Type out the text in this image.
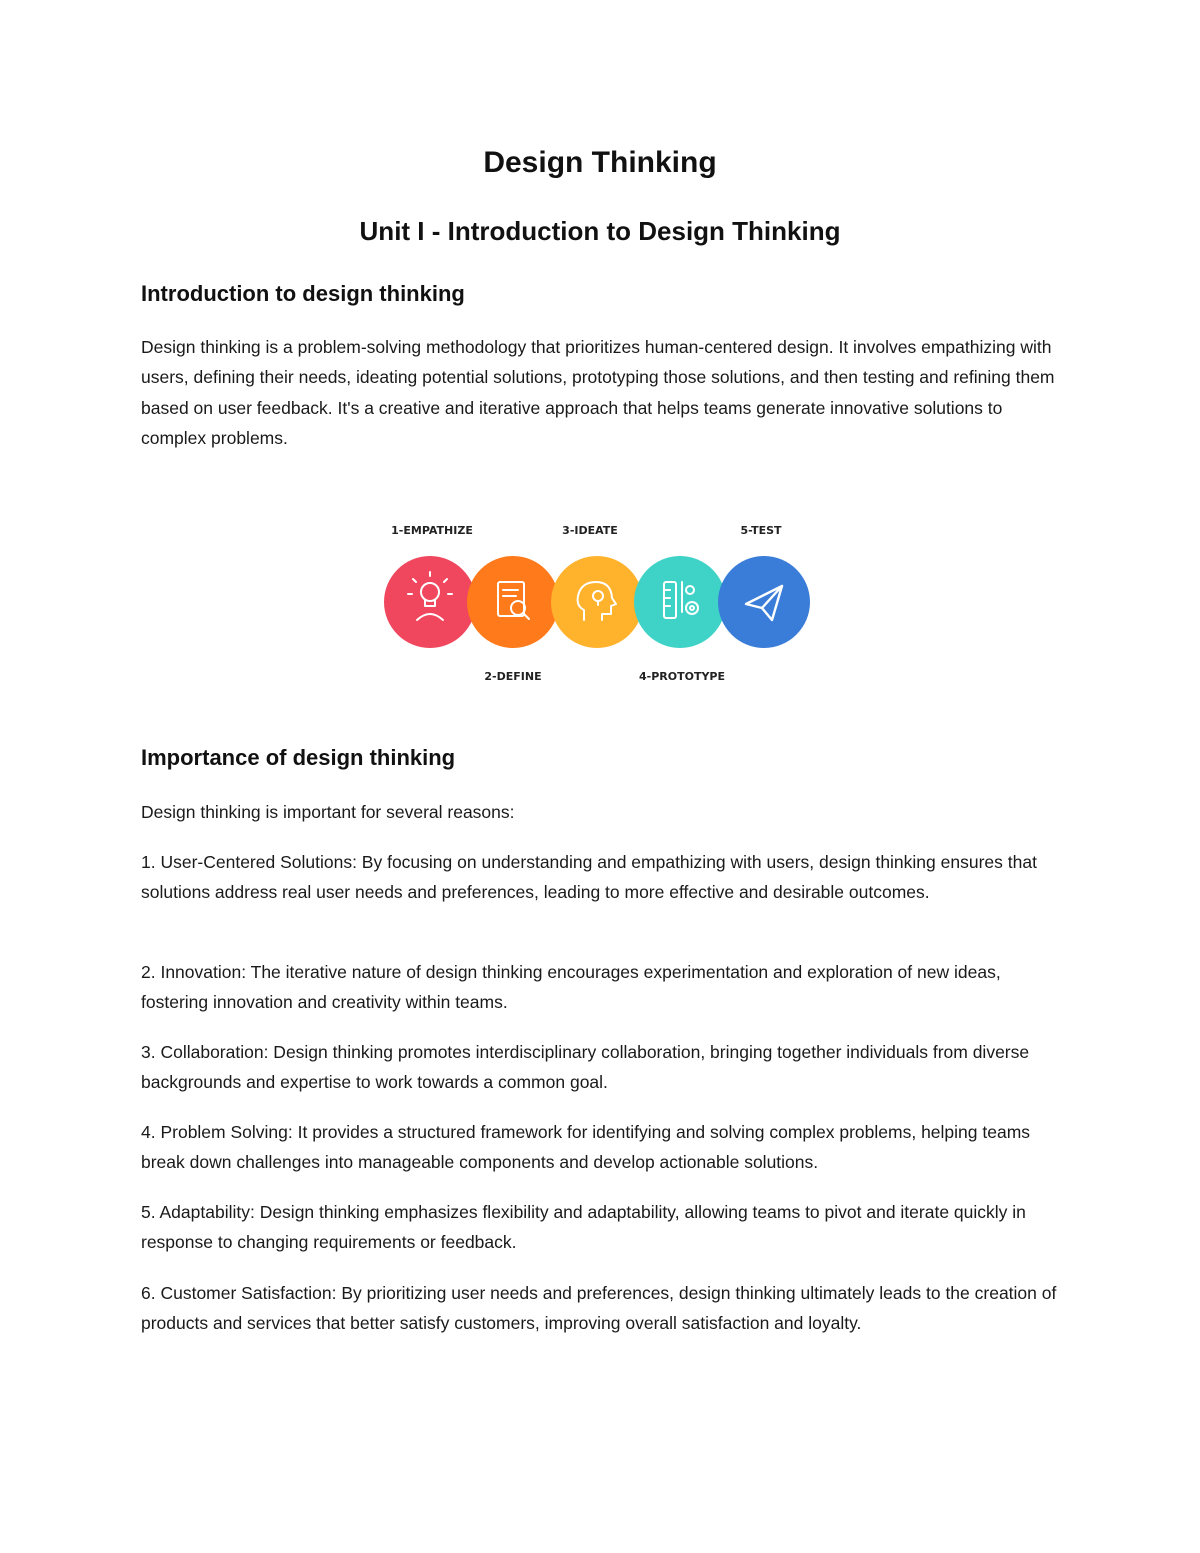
Design Thinking
Unit I - Introduction to Design Thinking
Introduction to design thinking

Design thinking is a problem-solving methodology that prioritizes human-centered design. It involves empathizing with users, defining their needs, ideating potential solutions, prototyping those solutions, and then testing and refining them based on user feedback. It's a creative and iterative approach that helps teams generate innovative solutions to complex problems.

1-EMPATHIZE	3-IDEATE	5-TEST
2-DEFINE	4-PROTOTYPE
Importance of design thinking

Design thinking is important for several reasons:

1. User-Centered Solutions: By focusing on understanding and empathizing with users, design thinking ensures that solutions address real user needs and preferences, leading to more effective and desirable outcomes.

2. Innovation: The iterative nature of design thinking encourages experimentation and exploration of new ideas, fostering innovation and creativity within teams.

3. Collaboration: Design thinking promotes interdisciplinary collaboration, bringing together individuals from diverse backgrounds and expertise to work towards a common goal.

4. Problem Solving: It provides a structured framework for identifying and solving complex problems, helping teams break down challenges into manageable components and develop actionable solutions.

5. Adaptability: Design thinking emphasizes flexibility and adaptability, allowing teams to pivot and iterate quickly in response to changing requirements or feedback.

6. Customer Satisfaction: By prioritizing user needs and preferences, design thinking ultimately leads to the creation of products and services that better satisfy customers, improving overall satisfaction and loyalty.
